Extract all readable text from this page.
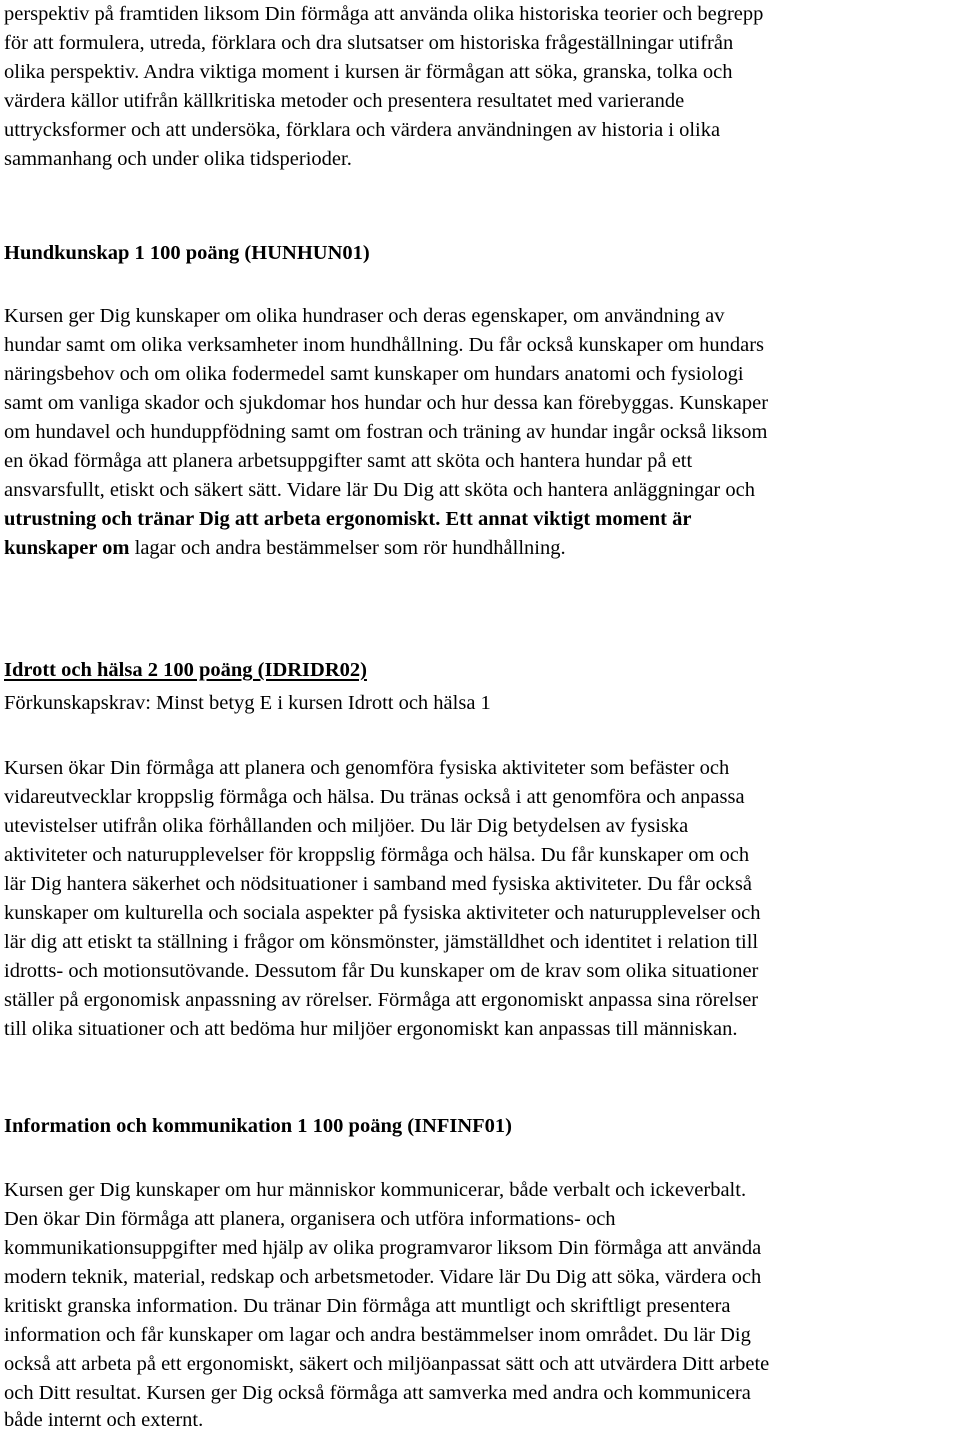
perspektiv på framtiden liksom Din förmåga att använda olika historiska teorier och begrepp
för att formulera, utreda, förklara och dra slutsatser om historiska frågeställningar utifrån
olika perspektiv. Andra viktiga moment i kursen är förmågan att söka, granska, tolka och
värdera källor utifrån källkritiska metoder och presentera resultatet med varierande
uttrycksformer och att undersöka, förklara och värdera användningen av historia i olika
sammanhang och under olika tidsperioder.
Hundkunskap 1 100 poäng (HUNHUN01)
Kursen ger Dig kunskaper om olika hundraser och deras egenskaper, om användning av
hundar samt om olika verksamheter inom hundhållning. Du får också kunskaper om hundars
näringsbehov och om olika fodermedel samt kunskaper om hundars anatomi och fysiologi
samt om vanliga skador och sjukdomar hos hundar och hur dessa kan förebyggas. Kunskaper
om hundavel och hunduppfödning samt om fostran och träning av hundar ingår också liksom
en ökad förmåga att planera arbetsuppgifter samt att sköta och hantera hundar på ett
ansvarsfullt, etiskt och säkert sätt. Vidare lär Du Dig att sköta och hantera anläggningar och
utrustning och tränar Dig att arbeta ergonomiskt. Ett annat viktigt moment är
kunskaper om lagar och andra bestämmelser som rör hundhållning.
Idrott och hälsa 2 100 poäng (IDRIDR02)
Förkunskapskrav: Minst betyg E i kursen Idrott och hälsa 1
Kursen ökar Din förmåga att planera och genomföra fysiska aktiviteter som befäster och
vidareutvecklar kroppslig förmåga och hälsa. Du tränas också i att genomföra och anpassa
utevistelser utifrån olika förhållanden och miljöer. Du lär Dig betydelsen av fysiska
aktiviteter och naturupplevelser för kroppslig förmåga och hälsa. Du får kunskaper om och
lär Dig hantera säkerhet och nödsituationer i samband med fysiska aktiviteter. Du får också
kunskaper om kulturella och sociala aspekter på fysiska aktiviteter och naturupplevelser och
lär dig att etiskt ta ställning i frågor om könsmönster, jämställdhet och identitet i relation till
idrotts- och motionsutövande. Dessutom får Du kunskaper om de krav som olika situationer
ställer på ergonomisk anpassning av rörelser. Förmåga att ergonomiskt anpassa sina rörelser
till olika situationer och att bedöma hur miljöer ergonomiskt kan anpassas till människan.
Information och kommunikation 1 100 poäng (INFINF01)
Kursen ger Dig kunskaper om hur människor kommunicerar, både verbalt och ickeverbalt.
Den ökar Din förmåga att planera, organisera och utföra informations- och
kommunikationsuppgifter med hjälp av olika programvaror liksom Din förmåga att använda
modern teknik, material, redskap och arbetsmetoder. Vidare lär Du Dig att söka, värdera och
kritiskt granska information. Du tränar Din förmåga att muntligt och skriftligt presentera
information och får kunskaper om lagar och andra bestämmelser inom området. Du lär Dig
också att arbeta på ett ergonomiskt, säkert och miljöanpassat sätt och att utvärdera Ditt arbete
och Ditt resultat. Kursen ger Dig också förmåga att samverka med andra och kommunicera
både internt och externt.
